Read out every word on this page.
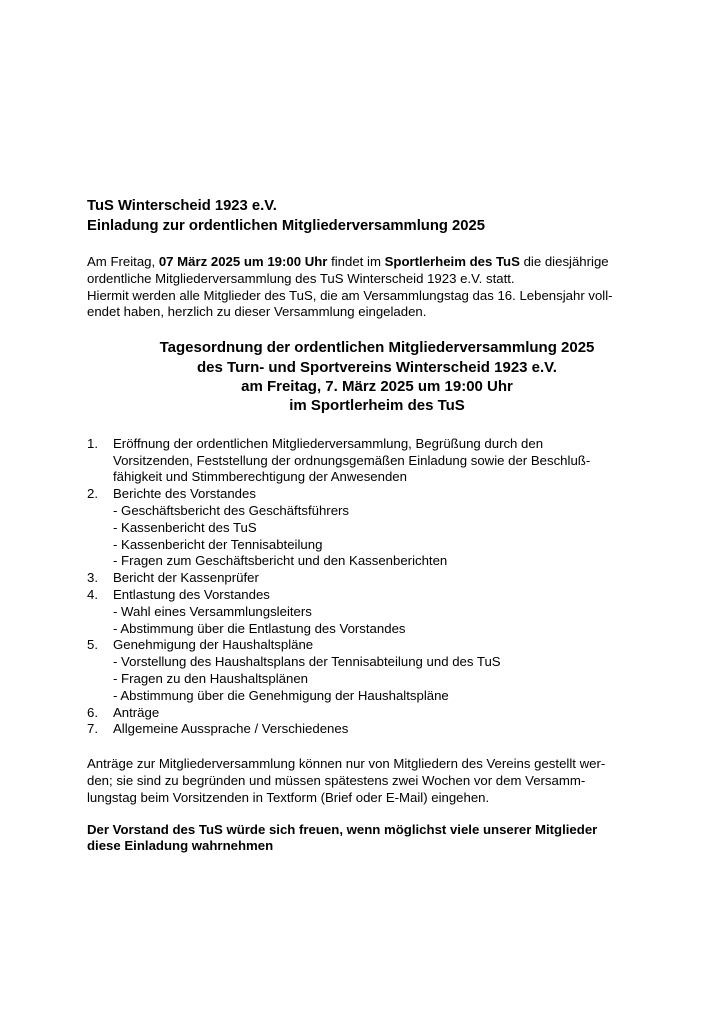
TuS Winterscheid 1923 e.V.
Einladung zur ordentlichen Mitgliederversammlung 2025

Am Freitag, 07 März 2025 um 19:00 Uhr findet im Sportlerheim des TuS die diesjährige
ordentliche Mitgliederversammlung des TuS Winterscheid 1923 e.V. statt.

Hiermit werden alle Mitglieder des TuS, die am Versammlungstag das 16. Lebensjahr voll-
endet haben, herzlich zu dieser Versammlung eingeladen.

Tagesordnung der ordentlichen Mitgliederversammlung 2025
des Turn- und Sportvereins Winterscheid 1923 e.V.
am Freitag, 7. März 2025 um 19:00 Uhr
im Sportlerheim des TuS
1. Eröffnung der ordentlichen Mitgliederversammlung, Begrüßung durch den
Vorsitzenden, Feststellung der ordnungsgemäßen Einladung sowie der Beschluß-
fähigkeit und Stimmberechtigung der Anwesenden
2. Berichte des Vorstandes
- Geschäftsbericht des Geschäftsführers
- Kassenbericht des TuS
- Kassenbericht der Tennisabteilung
- Fragen zum Geschäftsbericht und den Kassenberichten
3. Bericht der Kassenprüfer
4. Entlastung des Vorstandes
- Wahl eines Versammlungsleiters
- Abstimmung über die Entlastung des Vorstandes
5. Genehmigung der Haushaltspläne
- Vorstellung des Haushaltsplans der Tennisabteilung und des TuS
- Fragen zu den Haushaltsplänen
- Abstimmung über die Genehmigung der Haushaltspläne
6. Anträge
7. Allgemeine Aussprache / Verschiedenes
Anträge zur Mitgliederversammlung können nur von Mitgliedern des Vereins gestellt wer-
den; sie sind zu begründen und müssen spätestens zwei Wochen vor dem Versamm-
lungstag beim Vorsitzenden in Textform (Brief oder E-Mail) eingehen.
Der Vorstand des TuS würde sich freuen, wenn möglichst viele unserer Mitglieder
diese Einladung wahrnehmen
